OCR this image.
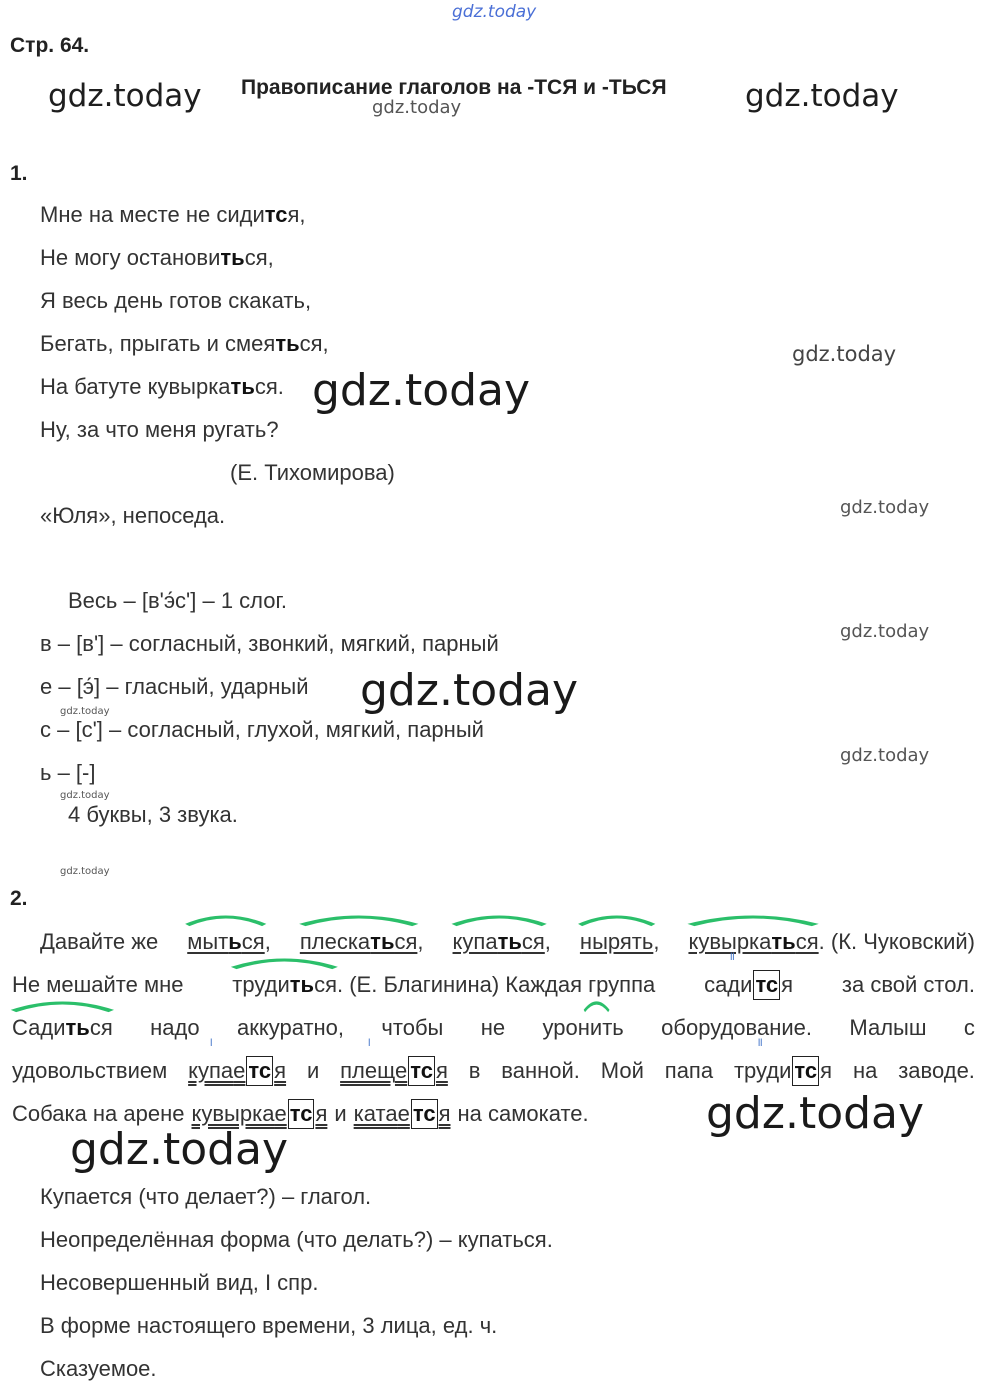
gdz.today
gdz.today	gdz.today
gdz.today
gdz.today
gdz.today
gdz.today
gdz.today
gdz.today
gdz.today
gdz.today
gdz.today
gdz.today
gdz.today
gdz.today
Стр. 64.
Правописание глаголов на -ТСЯ и -ТЬСЯ
1.
Мне на месте не сидится,
Не могу остановиться,
Я весь день готов скакать,
Бегать, прыгать и смеяться,
На батуте кувыркаться.
Ну, за что меня ругать?
(Е. Тихомирова)
«Юля», непоседа.
Весь – [в'э́с'] – 1 слог.
в – [в'] – согласный, звонкий, мягкий, парный
е – [э́] – гласный, ударный
с – [с'] – согласный, глухой, мягкий, парный
ь – [-]
4 буквы, 3 звука.
2.
Давайте же мыться, плескаться, купаться, нырять, кувыркаться. (К. Чуковский)
Не мешайте мне трудиться. (Е. Благинина) Каждая группа
ll
сади тс я за свой стол.
Садиться надо аккуратно, чтобы не уронить оборудование. Малыш с
удовольствием
l
купае тс я и
l
плеще тс я в ванной. Мой папа
ll
труди тс я на заводе.
Собака на арене кувыркае тс я и катае тс я на самокате.
Купается (что делает?) – глагол.
Неопределённая форма (что делать?) – купаться.
Несовершенный вид, I спр.
В форме настоящего времени, 3 лица, ед. ч.
Сказуемое.
